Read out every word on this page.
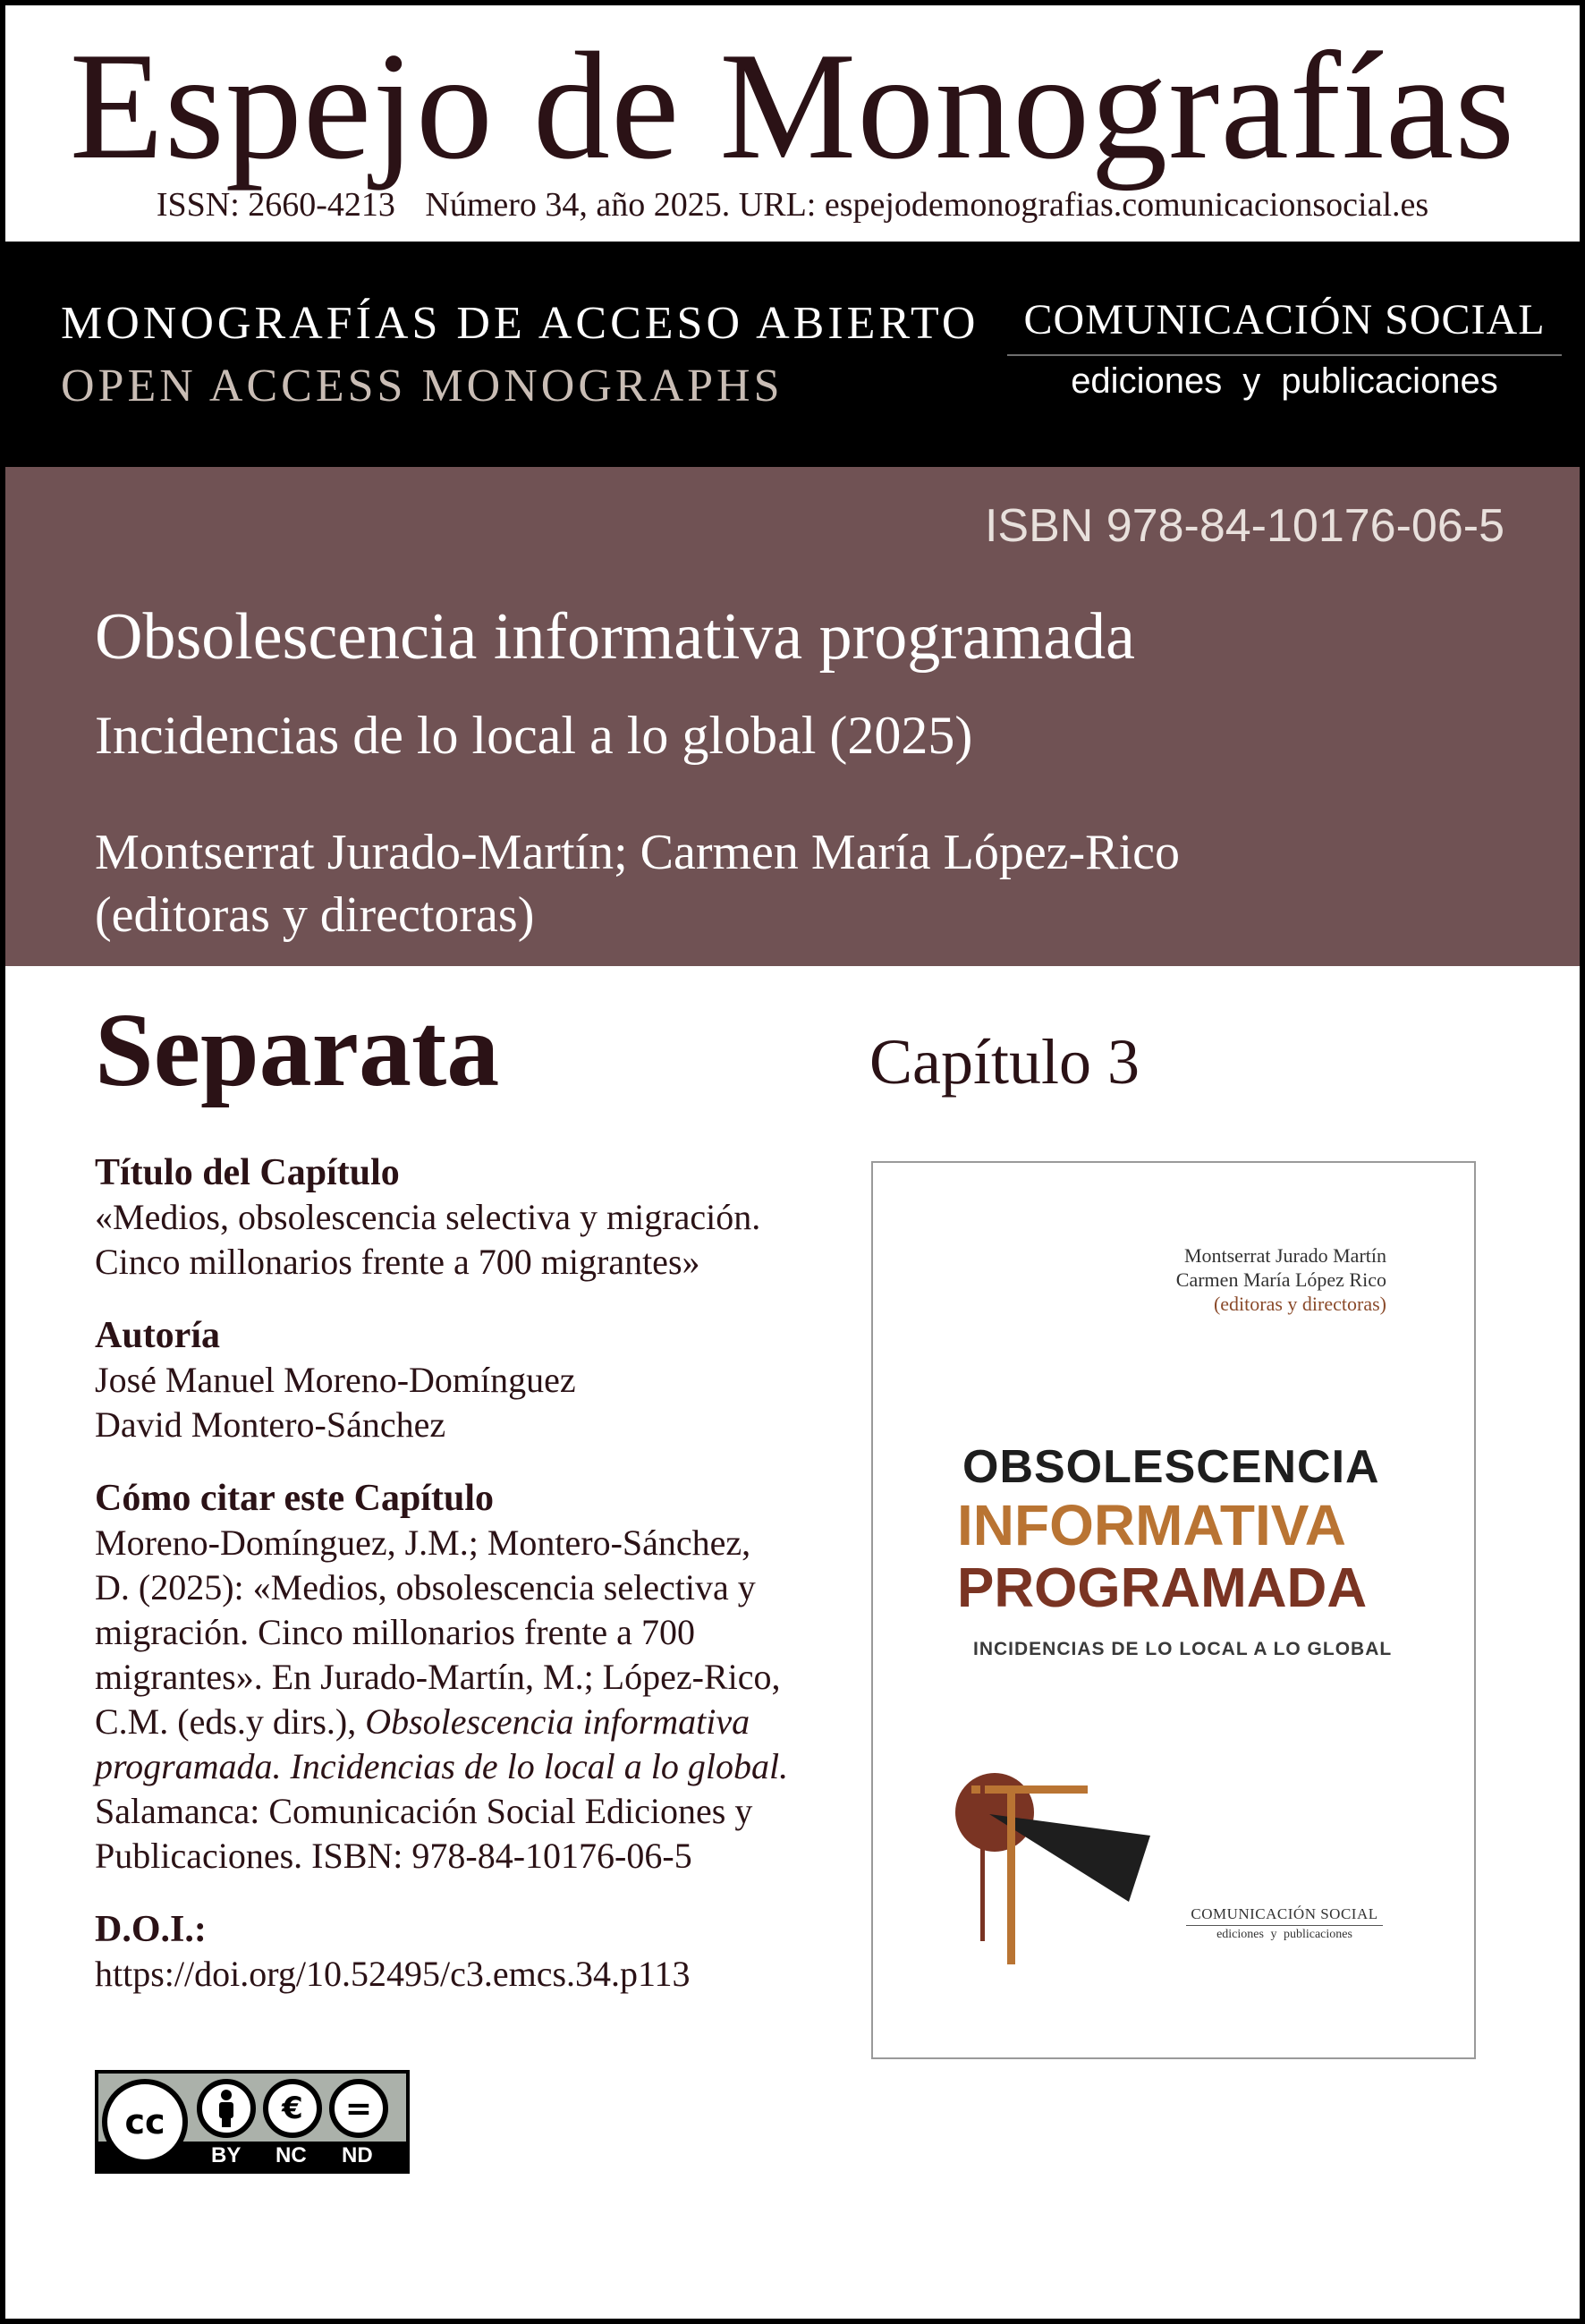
Espejo de Monografías
ISSN: 2660-4213 Número 34, año 2025. URL: espejodemonografias.comunicacionsocial.es
MONOGRAFÍAS DE ACCESO ABIERTO
OPEN ACCESS MONOGRAPHS
COMUNICACIÓN SOCIAL
ediciones y publicaciones
ISBN 978-84-10176-06-5
Obsolescencia informativa programada
Incidencias de lo local a lo global (2025)
Montserrat Jurado-Martín; Carmen María López-Rico
(editoras y directoras)
Separata	Capítulo 3
Título del Capítulo

«Medios, obsolescencia selectiva y migración. Cinco millonarios frente a 700 migrantes»

Autoría

José Manuel Moreno-Domínguez

David Montero-Sánchez

Cómo citar este Capítulo

Moreno-Domínguez, J.M.; Montero-Sánchez, D. (2025): «Medios, obsolescencia selectiva y migración. Cinco millonarios frente a 700 migrantes». En Jurado-Martín, M.; López-Rico, C.M. (eds.y dirs.), Obsolescencia informativa programada. Incidencias de lo local a lo global. Salamanca: Comunicación Social Ediciones y Publicaciones. ISBN: 978-84-10176-06-5

D.O.I.:

https://doi.org/10.52495/c3.emcs.34.p113

cc	€	=
BY NC ND
Montserrat Jurado Martín
Carmen María López Rico
(editoras y directoras)
OBSOLESCENCIA
INFORMATIVA
PROGRAMADA
INCIDENCIAS DE LO LOCAL A LO GLOBAL
COMUNICACIÓN SOCIAL
ediciones y publicaciones
